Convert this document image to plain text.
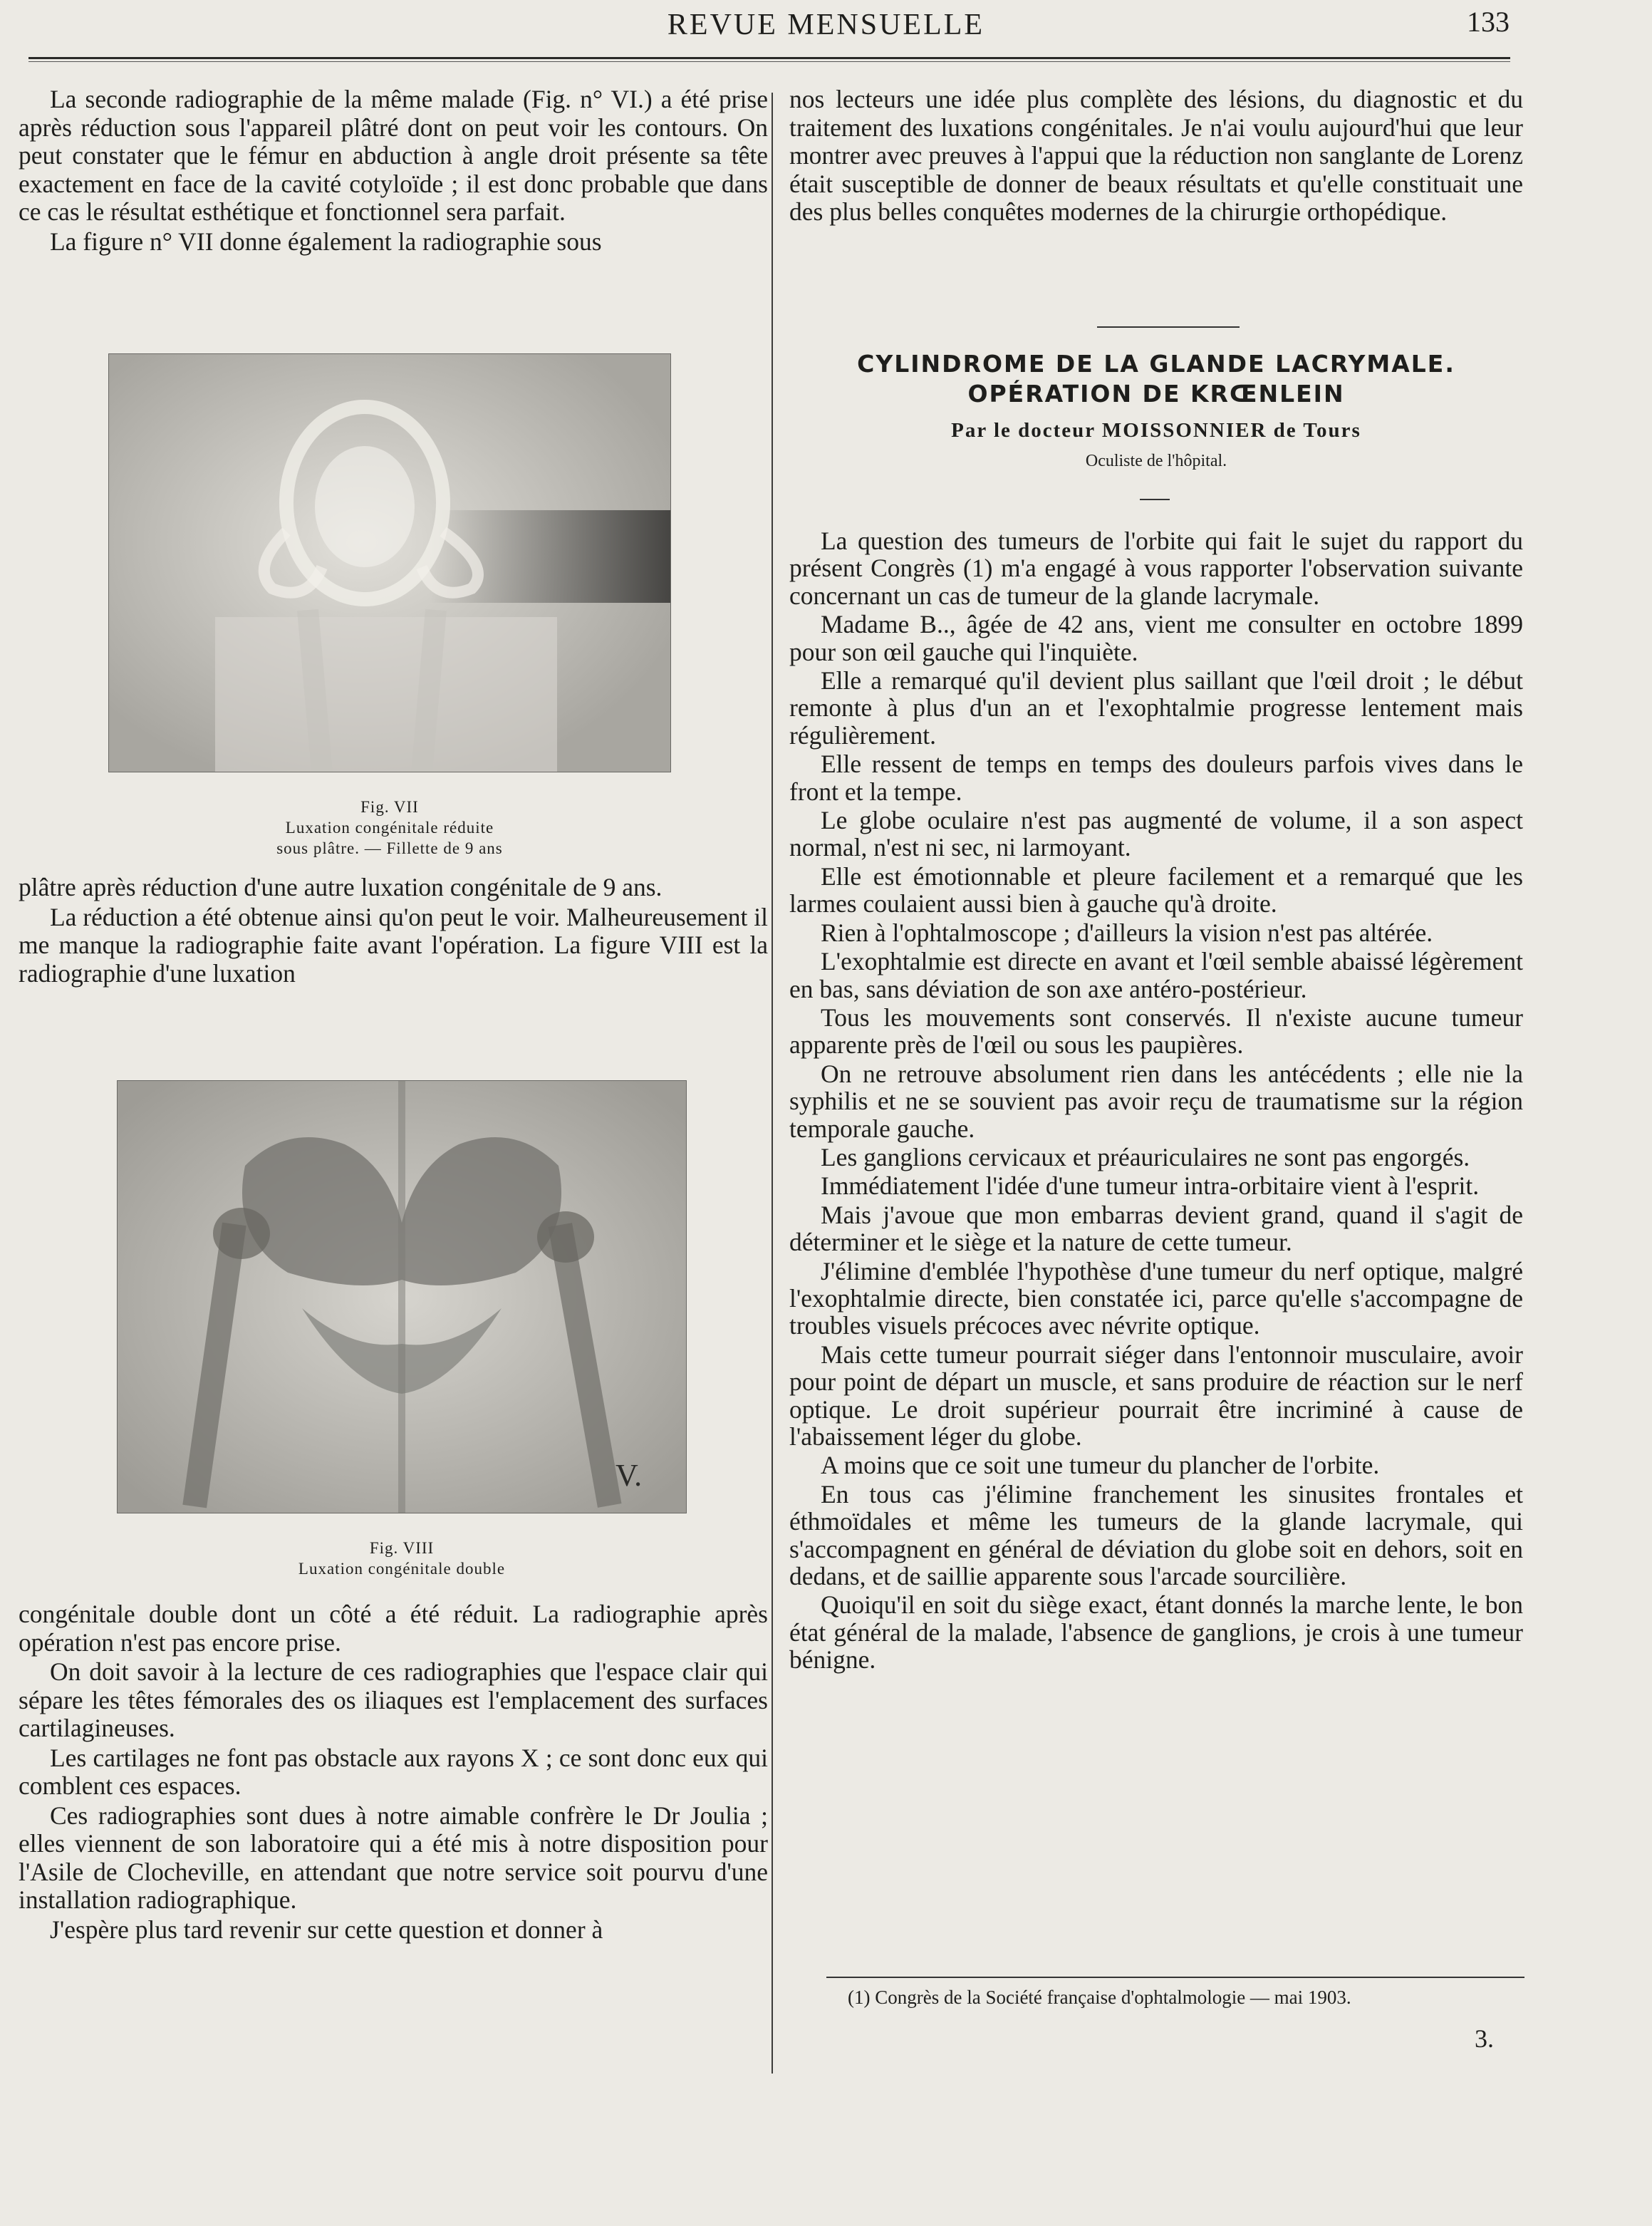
REVUE MENSUELLE	133

La seconde radiographie de la même malade (Fig. n° VI.) a été prise après réduction sous l'appareil plâtré dont on peut voir les contours. On peut constater que le fémur en abduction à angle droit présente sa tête exactement en face de la cavité cotyloïde ; il est donc probable que dans ce cas le résultat esthétique et fonctionnel sera parfait.

La figure n° VII donne également la radiographie sous

Fig. VII
Luxation congénitale réduite
sous plâtre. — Fillette de 9 ans

plâtre après réduction d'une autre luxation congénitale de 9 ans.

La réduction a été obtenue ainsi qu'on peut le voir. Malheureusement il me manque la radiographie faite avant l'opération. La figure VIII est la radiographie d'une luxation

V.
Fig. VIII
Luxation congénitale double

congénitale double dont un côté a été réduit. La radiographie après opération n'est pas encore prise.

On doit savoir à la lecture de ces radiographies que l'espace clair qui sépare les têtes fémorales des os iliaques est l'emplacement des surfaces cartilagineuses.

Les cartilages ne font pas obstacle aux rayons X ; ce sont donc eux qui comblent ces espaces.

Ces radiographies sont dues à notre aimable confrère le Dr Joulia ; elles viennent de son laboratoire qui a été mis à notre disposition pour l'Asile de Clocheville, en attendant que notre service soit pourvu d'une installation radiographique.

J'espère plus tard revenir sur cette question et donner à

nos lecteurs une idée plus complète des lésions, du diagnostic et du traitement des luxations congénitales. Je n'ai voulu aujourd'hui que leur montrer avec preuves à l'appui que la réduction non sanglante de Lorenz était susceptible de donner de beaux résultats et qu'elle constituait une des plus belles conquêtes modernes de la chirurgie orthopédique.

CYLINDROME DE LA GLANDE LACRYMALE.
OPÉRATION DE KRŒNLEIN
Par le docteur MOISSONNIER de Tours
Oculiste de l'hôpital.

La question des tumeurs de l'orbite qui fait le sujet du rapport du présent Congrès (1) m'a engagé à vous rapporter l'observation suivante concernant un cas de tumeur de la glande lacrymale.

Madame B.., âgée de 42 ans, vient me consulter en octobre 1899 pour son œil gauche qui l'inquiète.

Elle a remarqué qu'il devient plus saillant que l'œil droit ; le début remonte à plus d'un an et l'exophtalmie progresse lentement mais régulièrement.

Elle ressent de temps en temps des douleurs parfois vives dans le front et la tempe.

Le globe oculaire n'est pas augmenté de volume, il a son aspect normal, n'est ni sec, ni larmoyant.

Elle est émotionnable et pleure facilement et a remarqué que les larmes coulaient aussi bien à gauche qu'à droite.

Rien à l'ophtalmoscope ; d'ailleurs la vision n'est pas altérée.

L'exophtalmie est directe en avant et l'œil semble abaissé légèrement en bas, sans déviation de son axe antéro-postérieur.

Tous les mouvements sont conservés. Il n'existe aucune tumeur apparente près de l'œil ou sous les paupières.

On ne retrouve absolument rien dans les antécédents ; elle nie la syphilis et ne se souvient pas avoir reçu de traumatisme sur la région temporale gauche.

Les ganglions cervicaux et préauriculaires ne sont pas engorgés.

Immédiatement l'idée d'une tumeur intra-orbitaire vient à l'esprit.

Mais j'avoue que mon embarras devient grand, quand il s'agit de déterminer et le siège et la nature de cette tumeur.

J'élimine d'emblée l'hypothèse d'une tumeur du nerf optique, malgré l'exophtalmie directe, bien constatée ici, parce qu'elle s'accompagne de troubles visuels précoces avec névrite optique.

Mais cette tumeur pourrait siéger dans l'entonnoir musculaire, avoir pour point de départ un muscle, et sans produire de réaction sur le nerf optique. Le droit supérieur pourrait être incriminé à cause de l'abaissement léger du globe.

A moins que ce soit une tumeur du plancher de l'orbite.

En tous cas j'élimine franchement les sinusites frontales et éthmoïdales et même les tumeurs de la glande lacrymale, qui s'accompagnent en général de déviation du globe soit en dehors, soit en dedans, et de saillie apparente sous l'arcade sourcilière.

Quoiqu'il en soit du siège exact, étant donnés la marche lente, le bon état général de la malade, l'absence de ganglions, je crois à une tumeur bénigne.

(1) Congrès de la Société française d'ophtalmologie — mai 1903.
3.
